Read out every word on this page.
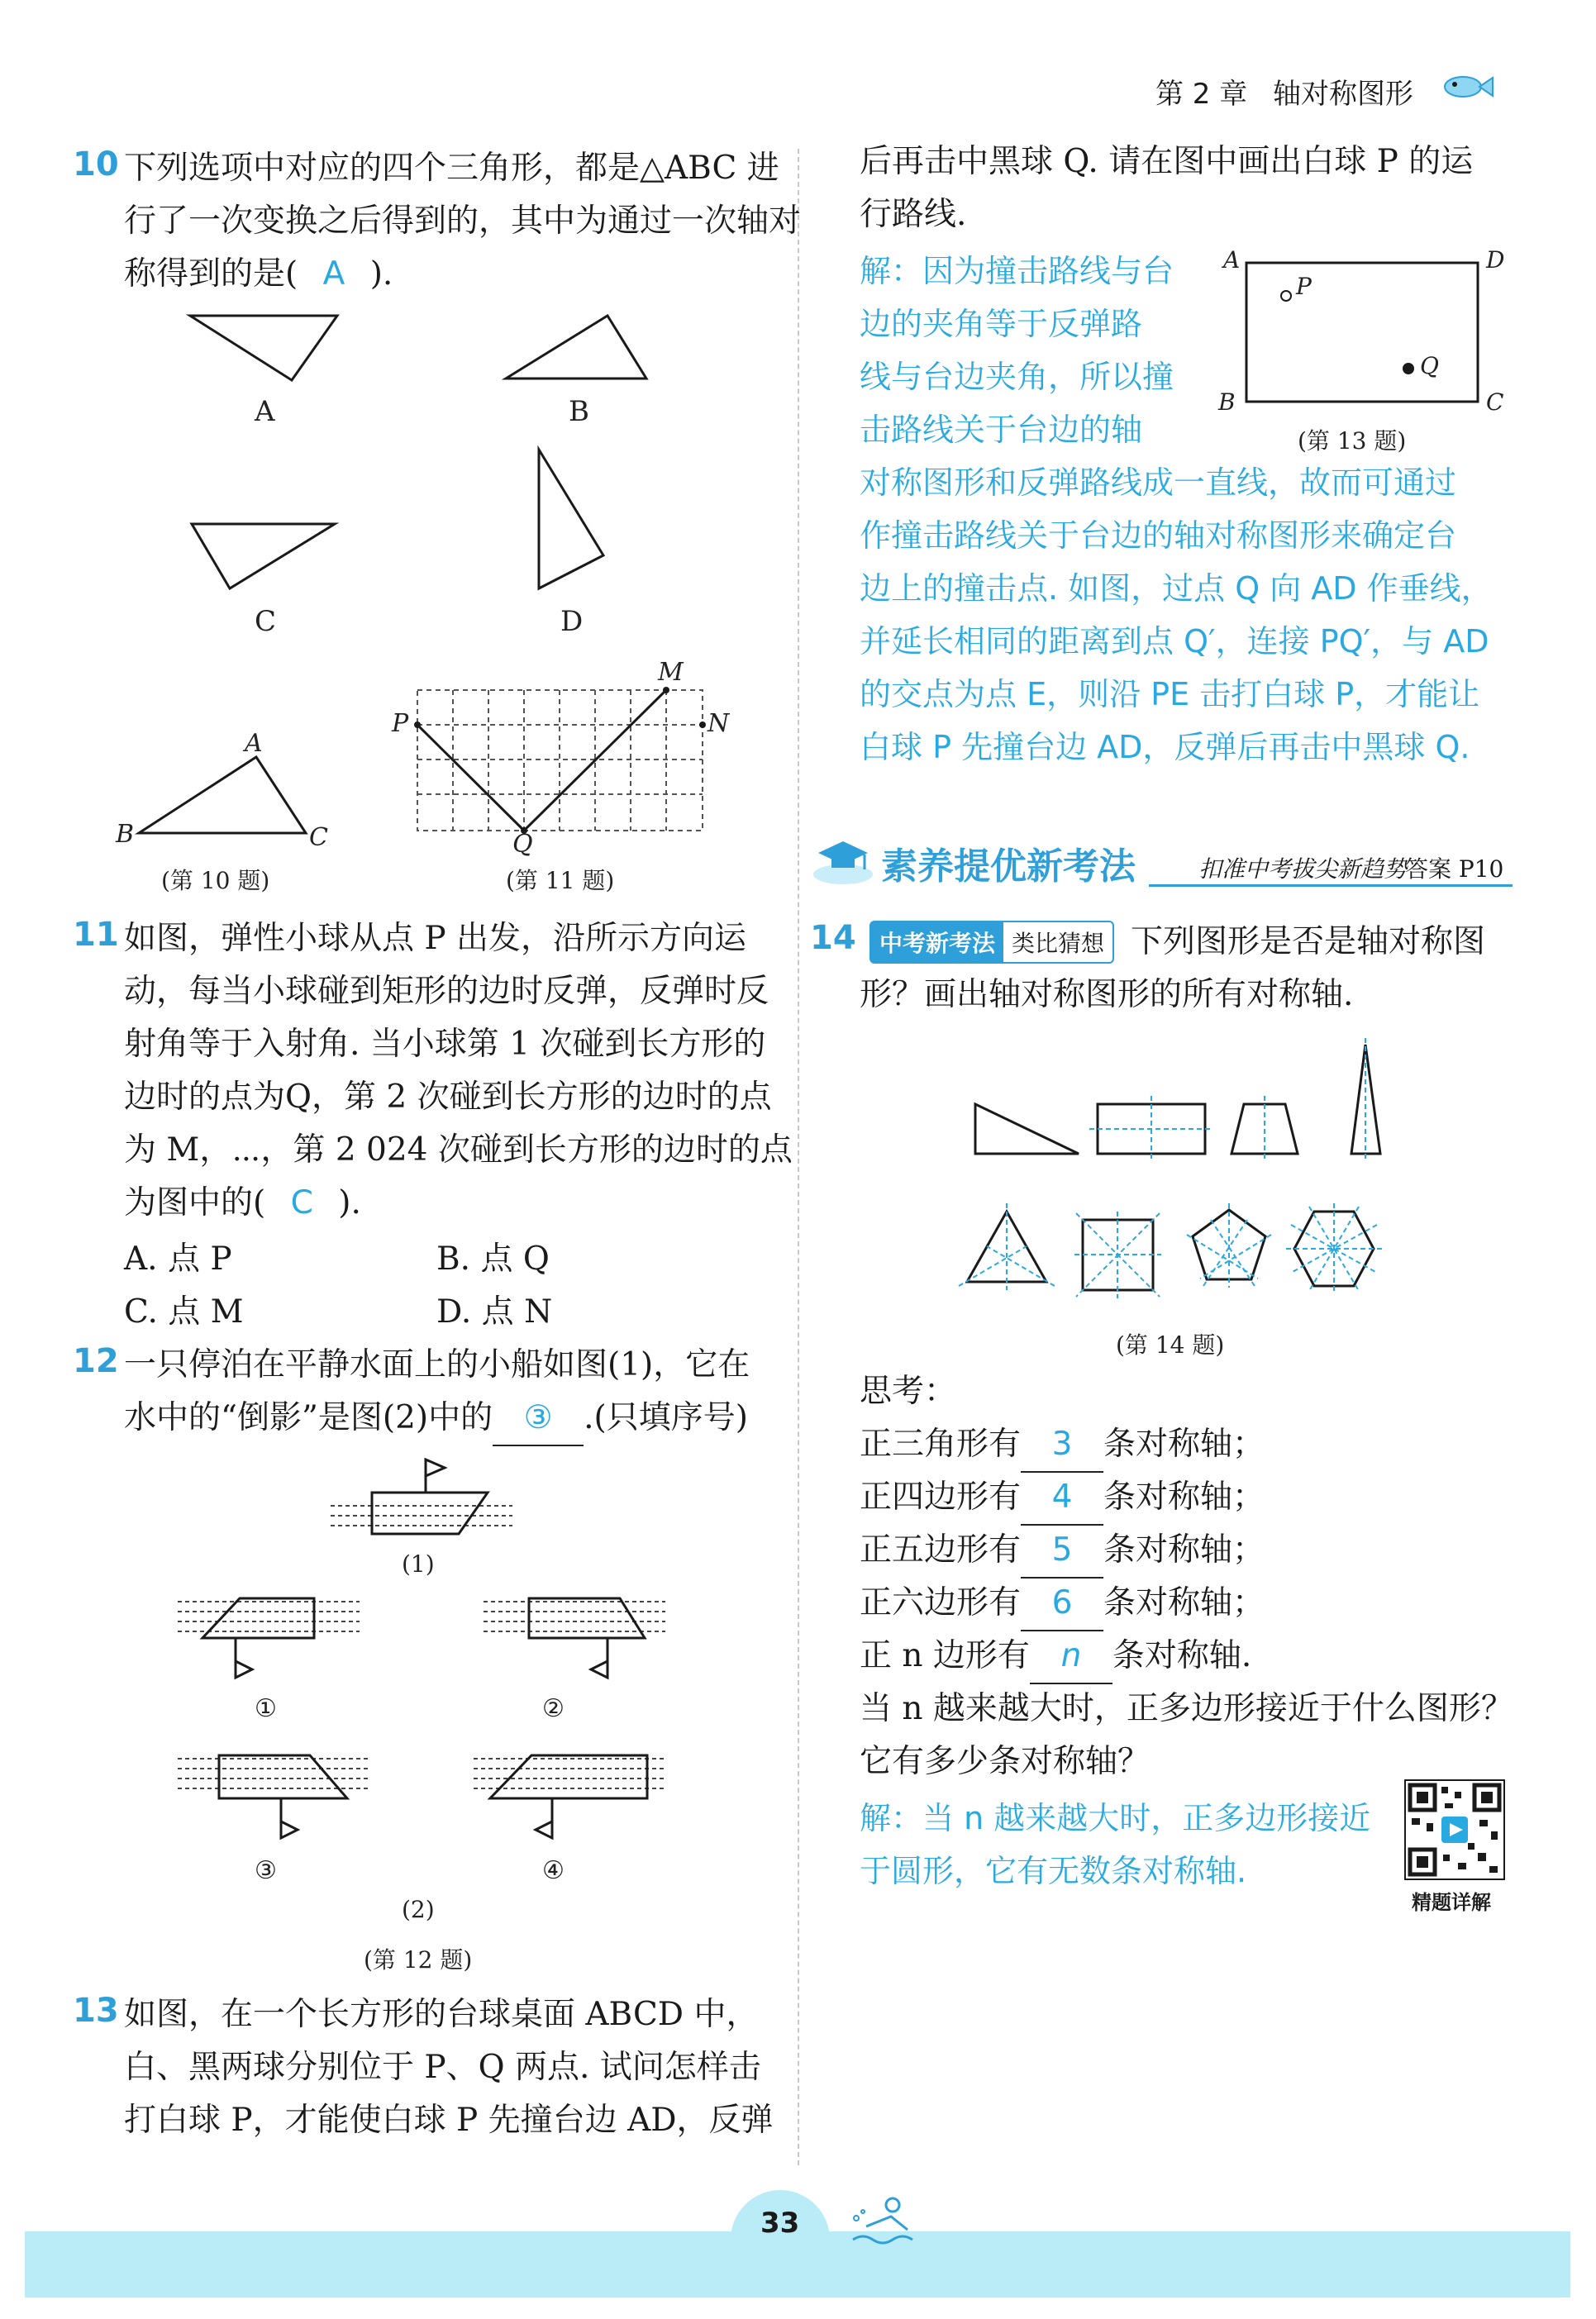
第 2 章 轴对称图形
10 下列选项中对应的四个三角形，都是△ABC 进
行了一次变换之后得到的，其中为通过一次轴对
称得到的是( A ).
A	B
C	D
A
B	C
(第 10 题)
P
Q
M
N
(第 11 题)
11 如图，弹性小球从点 P 出发，沿所示方向运
动，每当小球碰到矩形的边时反弹，反弹时反
射角等于入射角. 当小球第 1 次碰到长方形的
边时的点为Q，第 2 次碰到长方形的边时的点
为 M，⋯，第 2 024 次碰到长方形的边时的点
为图中的( C ).
A. 点 P	B. 点 Q
C. 点 M	D. 点 N
12 一只停泊在平静水面上的小船如图(1)，它在
水中的“倒影”是图(2)中的 ③ .(只填序号)
(1)
①	②
③	④
(2)
(第 12 题)
13 如图，在一个长方形的台球桌面 ABCD 中，
白、黑两球分别位于 P、Q 两点. 试问怎样击
打白球 P，才能使白球 P 先撞台边 AD，反弹
后再击中黑球 Q. 请在图中画出白球 P 的运
行路线.
解：因为撞击路线与台
边的夹角等于反弹路
线与台边夹角，所以撞
击路线关于台边的轴
对称图形和反弹路线成一直线，故而可通过
作撞击路线关于台边的轴对称图形来确定台
边上的撞击点. 如图，过点 Q 向 AD 作垂线，
并延长相同的距离到点 Q′，连接 PQ′，与 AD
的交点为点 E，则沿 PE 击打白球 P，才能让
白球 P 先撞台边 AD，反弹后再击中黑球 Q.
A	D
B	C
P
Q
(第 13 题)
素养提优新考法	扣准中考拔尖新趋势
答案 P10
14	中考新考法 类比猜想 下列图形是否是轴对称图
形？画出轴对称图形的所有对称轴.
(第 14 题)
思考：
正三角形有 3 条对称轴；
正四边形有 4 条对称轴；
正五边形有 5 条对称轴；
正六边形有 6 条对称轴；
正 n 边形有 n 条对称轴.
当 n 越来越大时，正多边形接近于什么图形？
它有多少条对称轴？
解：当 n 越来越大时，正多边形接近
于圆形，它有无数条对称轴.
精题详解
33
